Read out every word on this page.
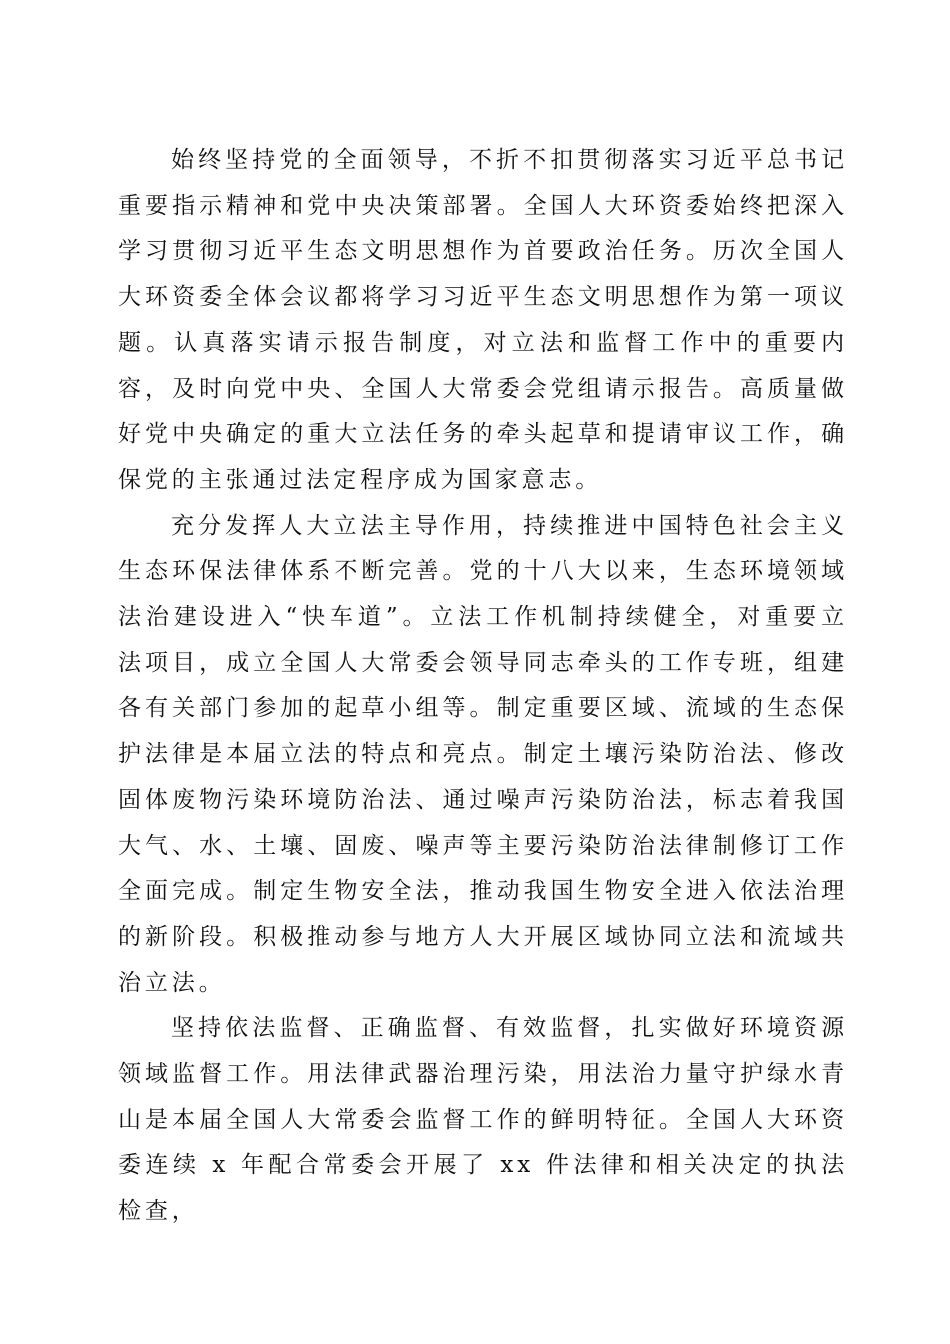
始终坚持党的全面领导，不折不扣贯彻落实习近平总书记重要指示精神和党中央决策部署。全国人大环资委始终把深入学习贯彻习近平生态文明思想作为首要政治任务。历次全国人大环资委全体会议都将学习习近平生态文明思想作为第一项议题。认真落实请示报告制度，对立法和监督工作中的重要内容，及时向党中央、全国人大常委会党组请示报告。高质量做好党中央确定的重大立法任务的牵头起草和提请审议工作，确保党的主张通过法定程序成为国家意志。

充分发挥人大立法主导作用，持续推进中国特色社会主义生态环保法律体系不断完善。党的十八大以来，生态环境领域法治建设进入“快车道”。立法工作机制持续健全，对重要立法项目，成立全国人大常委会领导同志牵头的工作专班，组建各有关部门参加的起草小组等。制定重要区域、流域的生态保护法律是本届立法的特点和亮点。制定土壤污染防治法、修改固体废物污染环境防治法、通过噪声污染防治法，标志着我国大气、水、土壤、固废、噪声等主要污染防治法律制修订工作全面完成。制定生物安全法，推动我国生物安全进入依法治理的新阶段。积极推动参与地方人大开展区域协同立法和流域共治立法。

坚持依法监督、正确监督、有效监督，扎实做好环境资源领域监督工作。用法律武器治理污染，用法治力量守护绿水青山是本届全国人大常委会监督工作的鲜明特征。全国人大环资委连续 x 年配合常委会开展了 xx 件法律和相关决定的执法检查，
